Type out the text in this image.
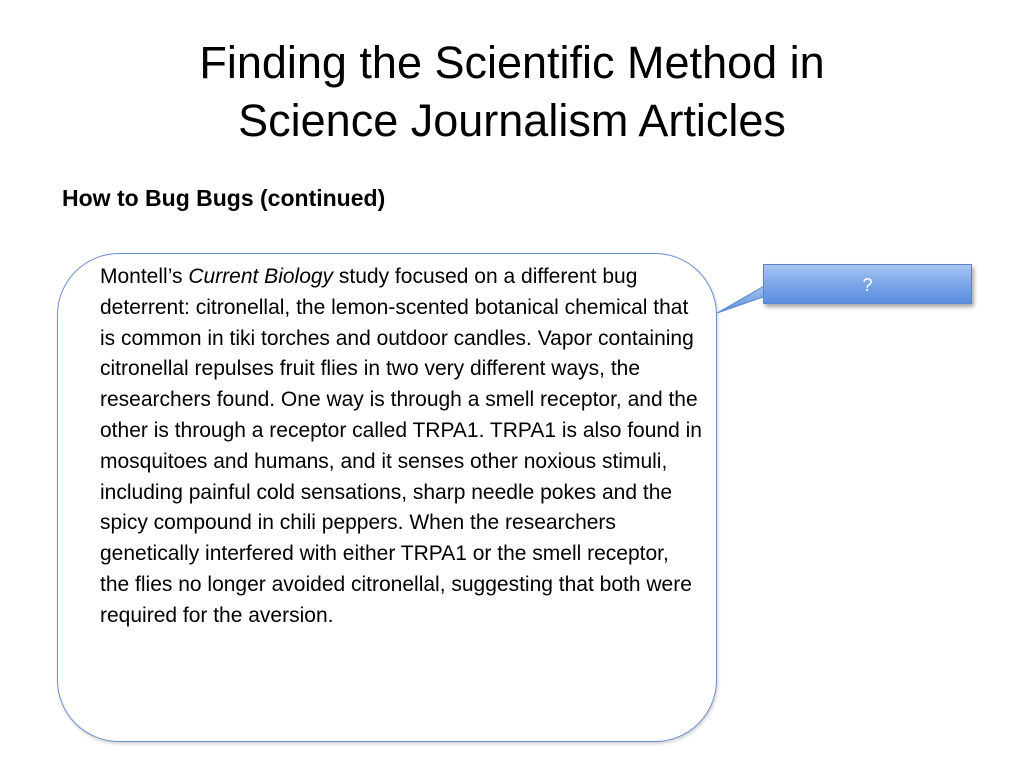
Finding the Scientific Method in
Science Journalism Articles

How to Bug Bugs (continued)

Montell’s Current Biology study focused on a different bug deterrent: citronellal, the lemon-scented botanical chemical that is common in tiki torches and outdoor candles. Vapor containing citronellal repulses fruit flies in two very different ways, the researchers found. One way is through a smell receptor, and the other is through a receptor called TRPA1. TRPA1 is also found in mosquitoes and humans, and it senses other noxious stimuli, including painful cold sensations, sharp needle pokes and the spicy compound in chili peppers. When the researchers genetically interfered with either TRPA1 or the smell receptor, the flies no longer avoided citronellal, suggesting that both were required for the aversion.

?
